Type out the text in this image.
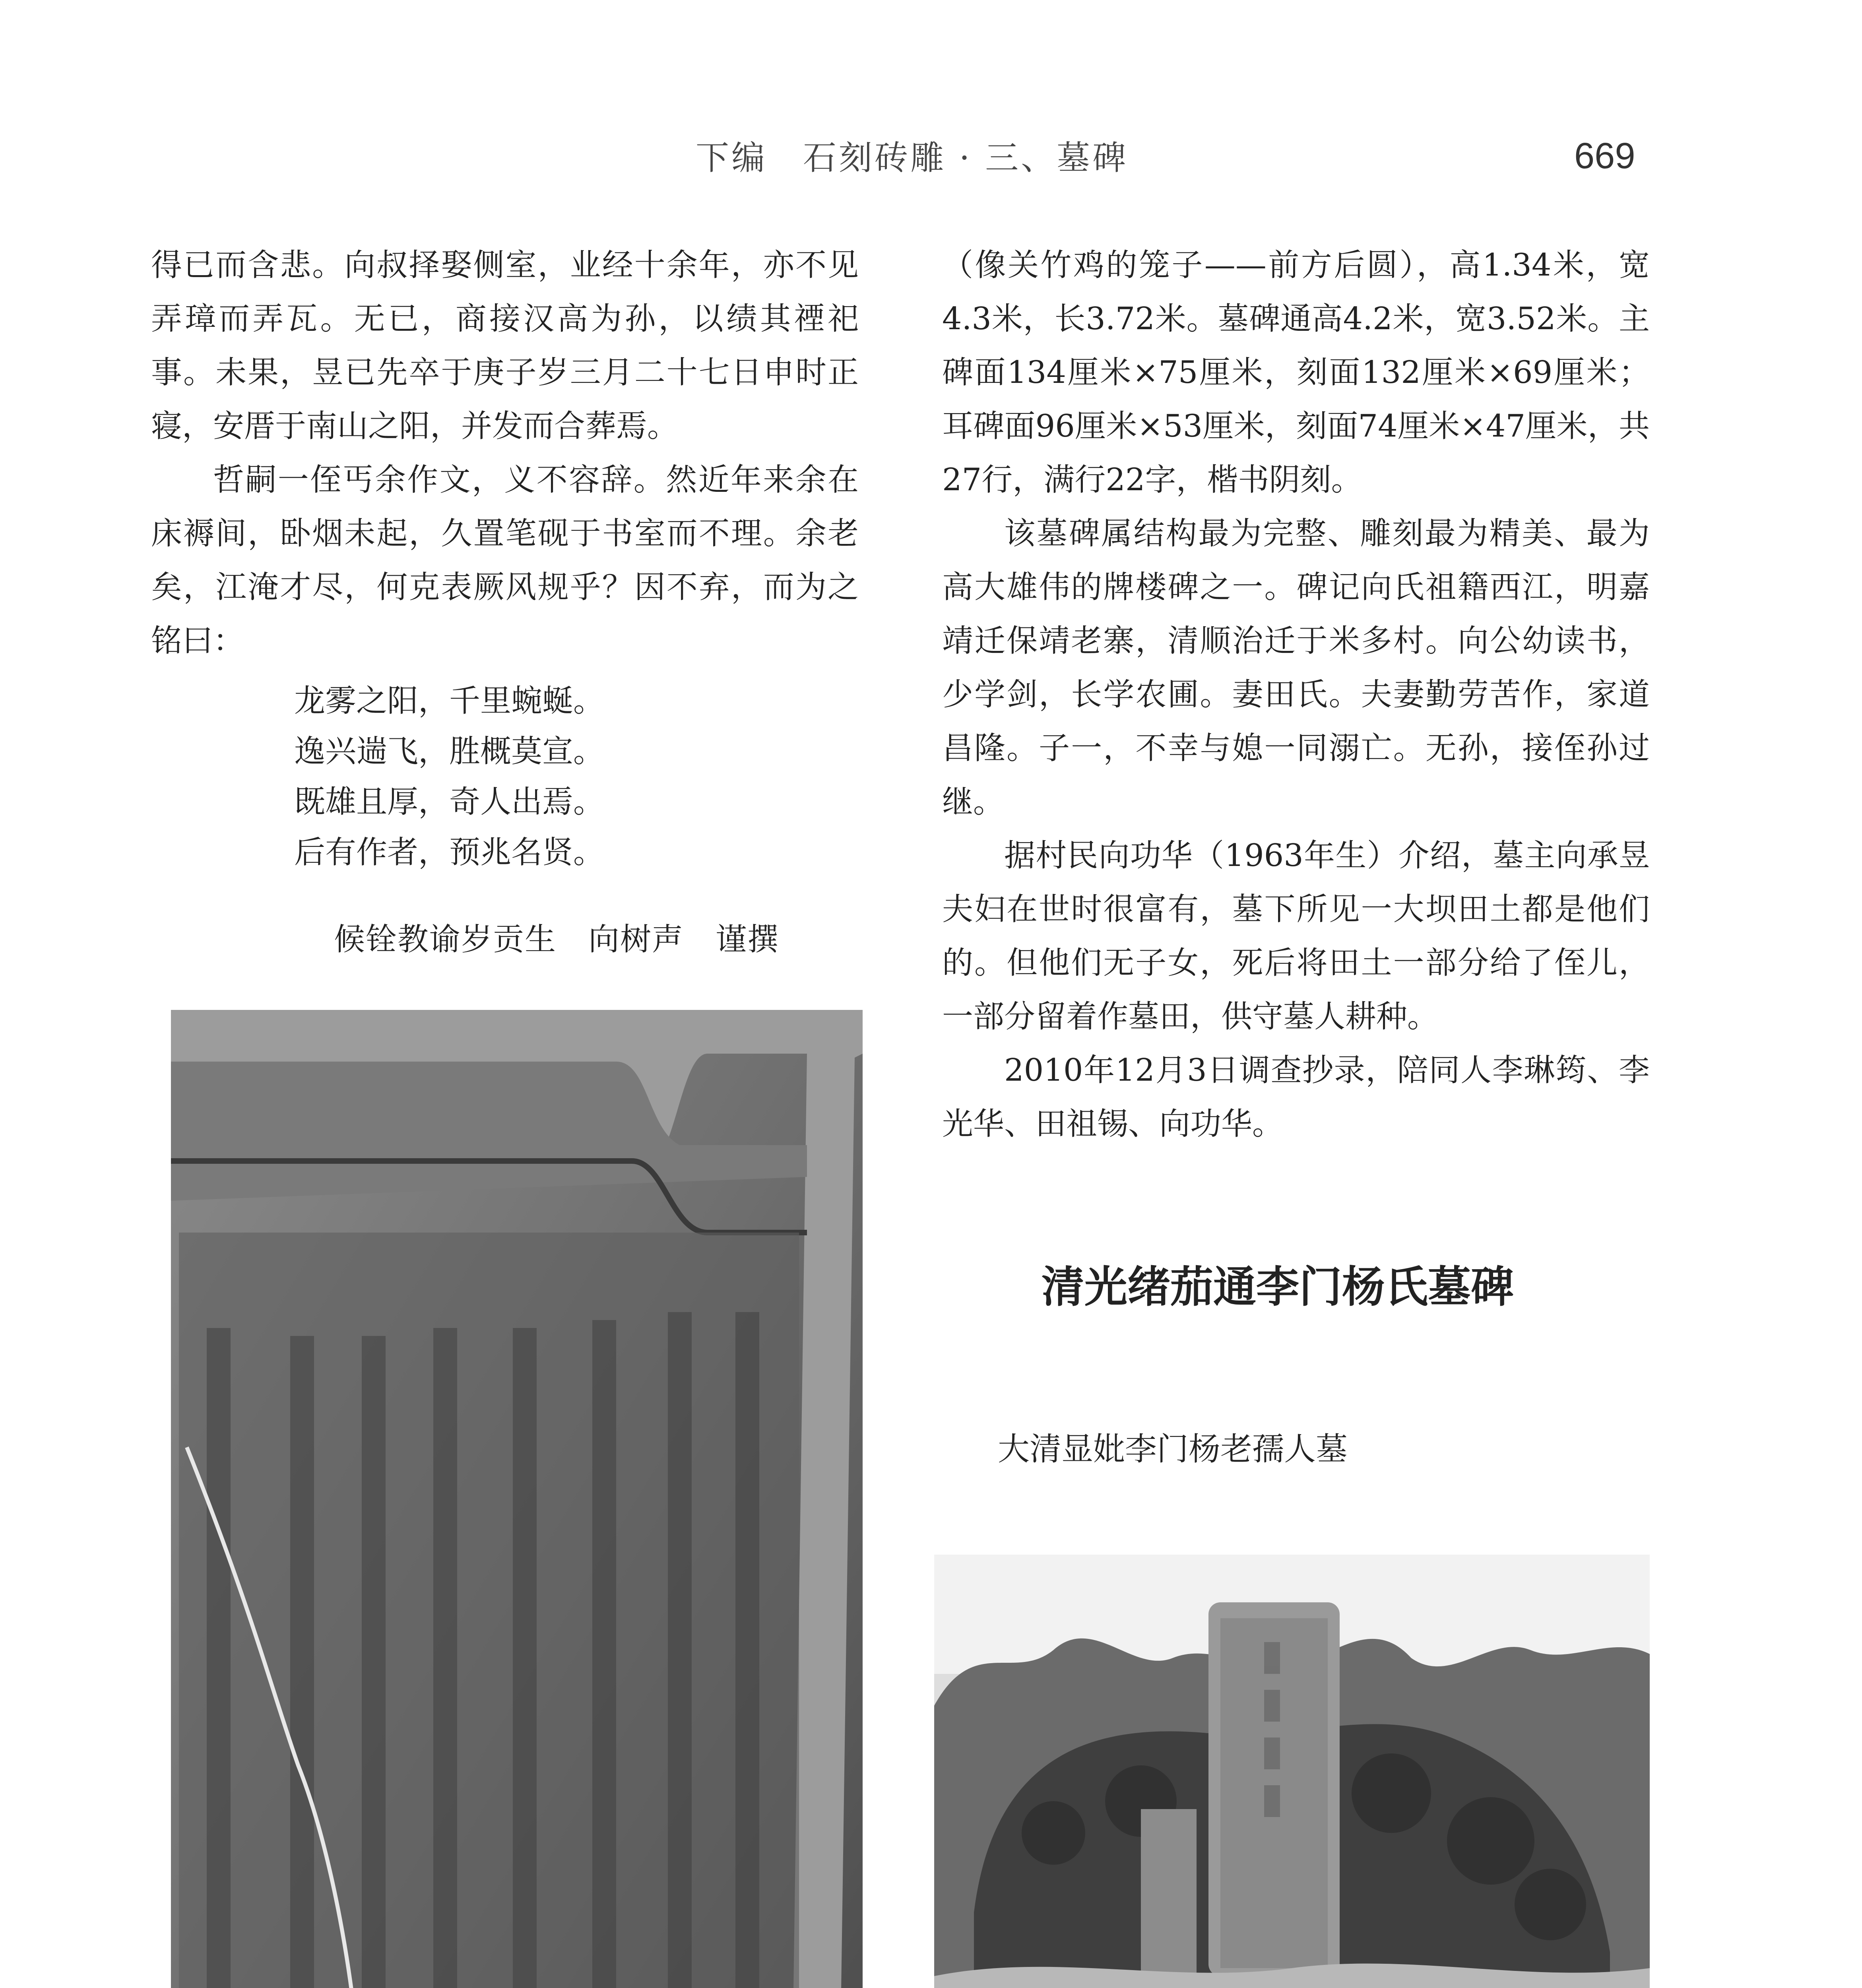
下编　石刻砖雕 · 三、墓碑	669

得已而含悲。向叔择娶侧室，业经十余年，亦不见弄璋而弄瓦。无已，商接汉高为孙，以绩其禋祀事。未果，昱已先卒于庚子岁三月二十七日申时正寝，安厝于南山之阳，并发而合葬焉。

哲嗣一侄丐余作文，义不容辞。然近年来余在床褥间，卧烟未起，久置笔砚于书室而不理。余老矣，江淹才尽，何克表厥风规乎？因不弃，而为之铭曰：

龙雾之阳，千里蜿蜒。
逸兴遄飞，胜概莫宣。
既雄且厚，奇人出焉。
后有作者，预兆名贤。
候铨教谕岁贡生　向树声　谨撰

（像关竹鸡的笼子——前方后圆），高1.34米，宽4.3米，长3.72米。墓碑通高4.2米，宽3.52米。主碑面134厘米×75厘米，刻面132厘米×69厘米；耳碑面96厘米×53厘米，刻面74厘米×47厘米，共27行，满行22字，楷书阴刻。

该墓碑属结构最为完整、雕刻最为精美、最为高大雄伟的牌楼碑之一。碑记向氏祖籍西江，明嘉靖迁保靖老寨，清顺治迁于米多村。向公幼读书，少学剑，长学农圃。妻田氏。夫妻勤劳苦作，家道昌隆。子一，不幸与媳一同溺亡。无孙，接侄孙过继。

据村民向功华（1963年生）介绍，墓主向承昱夫妇在世时很富有，墓下所见一大坝田土都是他们的。但他们无子女，死后将田土一部分给了侄儿，一部分留着作墓田，供守墓人耕种。

2010年12月3日调查抄录，陪同人李琳筠、李光华、田祖锡、向功华。

清光绪茄通李门杨氏墓碑
大清显妣李门杨老孺人墓
